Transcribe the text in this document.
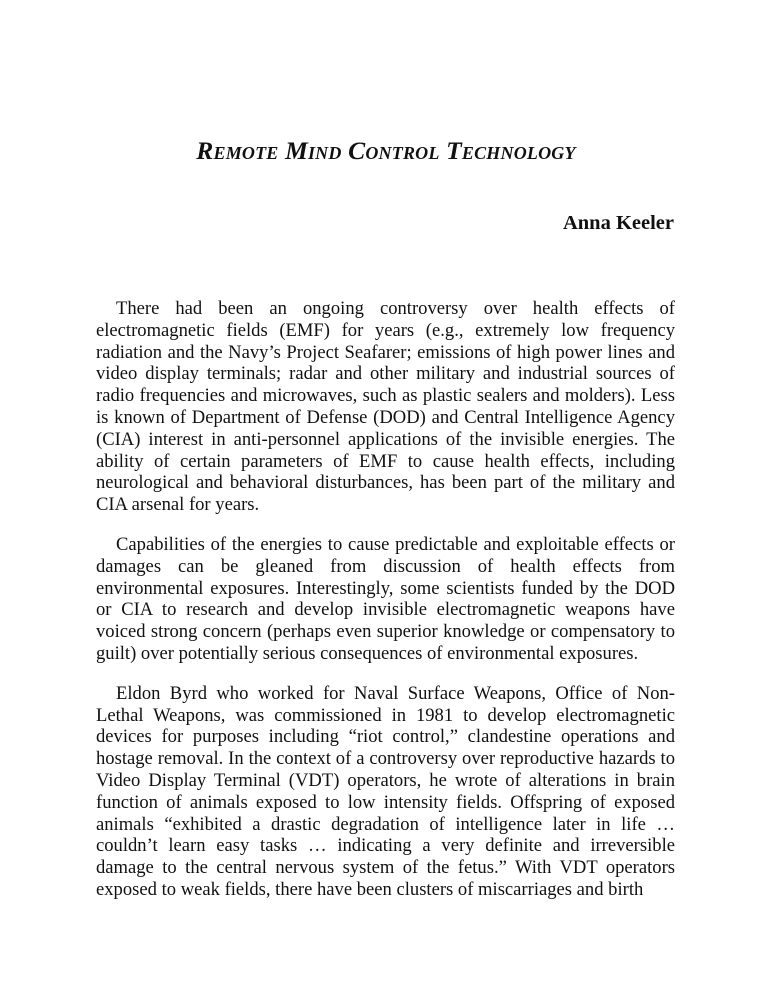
Remote Mind Control Technology

Anna Keeler

There had been an ongoing controversy over health effects of electromagnetic fields (EMF) for years (e.g., extremely low frequency radiation and the Navy’s Project Seafarer; emissions of high power lines and video display terminals; radar and other military and industrial sources of radio frequencies and microwaves, such as plastic sealers and molders). Less is known of Department of Defense (DOD) and Central Intelligence Agency (CIA) interest in anti-personnel applications of the invisible energies. The ability of certain parameters of EMF to cause health effects, including neurological and behavioral disturbances, has been part of the military and CIA arsenal for years.

Capabilities of the energies to cause predictable and exploitable effects or damages can be gleaned from discussion of health effects from environmental exposures. Interestingly, some scientists funded by the DOD or CIA to research and develop invisible electromagnetic weapons have voiced strong concern (perhaps even superior knowledge or compensatory to guilt) over potentially serious consequences of environmental exposures.

Eldon Byrd who worked for Naval Surface Weapons, Office of Non-Lethal Weapons, was commissioned in 1981 to develop electromagnetic devices for purposes including “riot control,” clandestine operations and hostage removal. In the context of a controversy over reproductive hazards to Video Display Terminal (VDT) operators, he wrote of alterations in brain function of animals exposed to low intensity fields. Offspring of exposed animals “exhibited a drastic degradation of intelligence later in life … couldn’t learn easy tasks … indicating a very definite and irreversible damage to the central nervous system of the fetus.” With VDT operators exposed to weak fields, there have been clusters of miscarriages and birth
